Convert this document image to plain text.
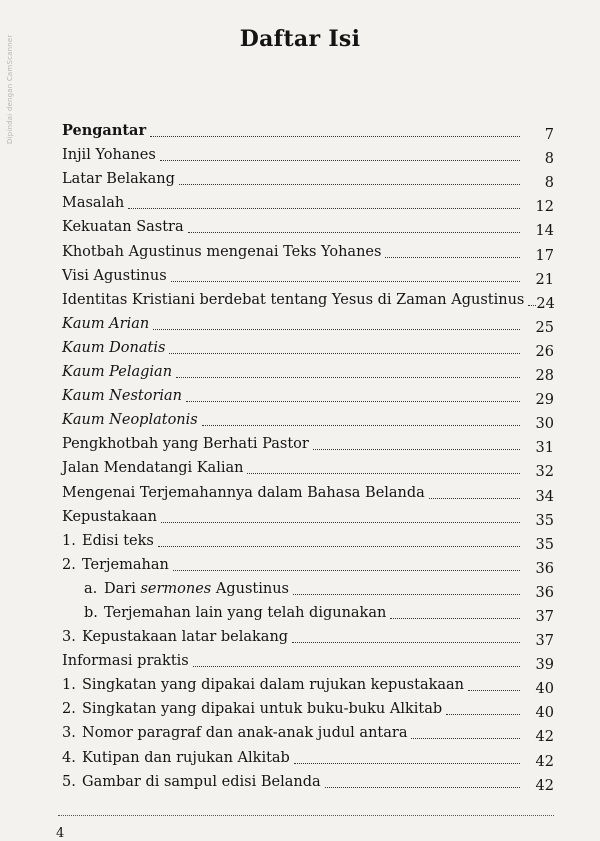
Dipindai dengan CamScanner	Daftar Isi
Pengantar	7
Injil Yohanes	8
Latar Belakang	8
Masalah	12
Kekuatan Sastra	14
Khotbah Agustinus mengenai Teks Yohanes	17
Visi Agustinus	21
Identitas Kristiani berdebat tentang Yesus di Zaman Agustinus 24
Kaum Arian	25
Kaum Donatis	26
Kaum Pelagian	28
Kaum Nestorian	29
Kaum Neoplatonis	30
Pengkhotbah yang Berhati Pastor	31
Jalan Mendatangi Kalian	32
Mengenai Terjemahannya dalam Bahasa Belanda	34
Kepustakaan	35
1. Edisi teks	35
2. Terjemahan	36
a. Dari sermones Agustinus	36
b. Terjemahan lain yang telah digunakan	37
3. Kepustakaan latar belakang	37
Informasi praktis	39
1. Singkatan yang dipakai dalam rujukan kepustakaan	40
2. Singkatan yang dipakai untuk buku-buku Alkitab	40
3. Nomor paragraf dan anak-anak judul antara	42
4. Kutipan dan rujukan Alkitab	42
5. Gambar di sampul edisi Belanda	42
4
